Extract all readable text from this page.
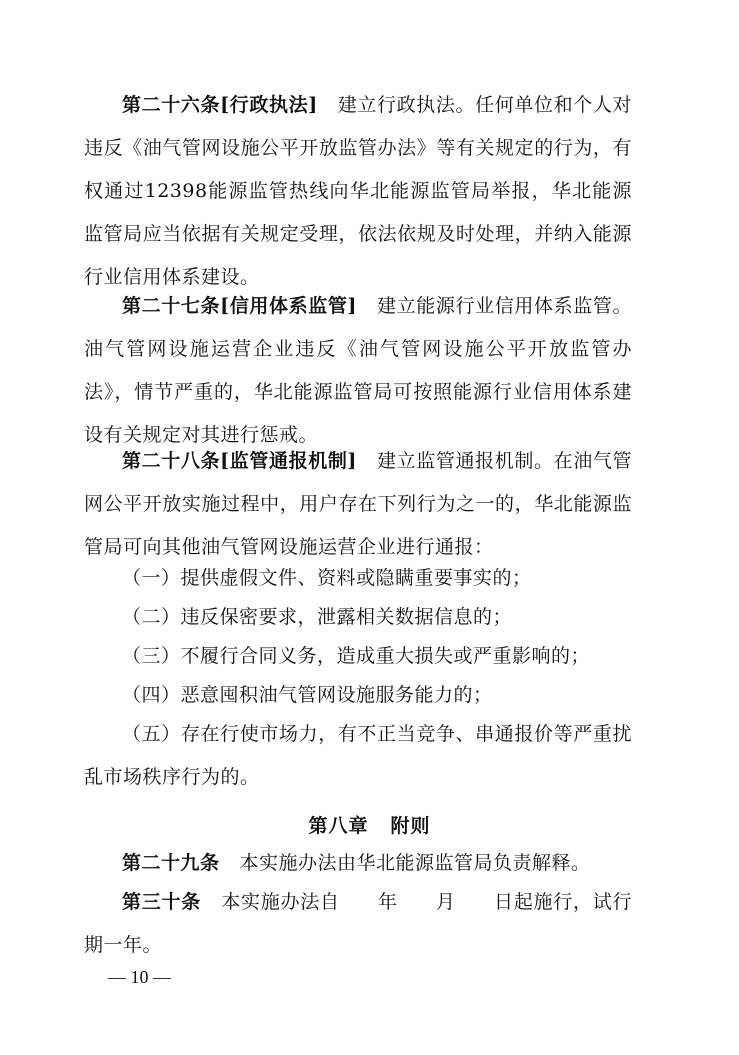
第二十六条[行政执法] 建立行政执法。任何单位和个人对违反《油气管网设施公平开放监管办法》等有关规定的行为，有权通过12398能源监管热线向华北能源监管局举报，华北能源监管局应当依据有关规定受理，依法依规及时处理，并纳入能源行业信用体系建设。

第二十七条[信用体系监管] 建立能源行业信用体系监管。油气管网设施运营企业违反《油气管网设施公平开放监管办法》，情节严重的，华北能源监管局可按照能源行业信用体系建设有关规定对其进行惩戒。

第二十八条[监管通报机制] 建立监管通报机制。在油气管网公平开放实施过程中，用户存在下列行为之一的，华北能源监管局可向其他油气管网设施运营企业进行通报：

（一）提供虚假文件、资料或隐瞒重要事实的；

（二）违反保密要求，泄露相关数据信息的；

（三）不履行合同义务，造成重大损失或严重影响的；

（四）恶意囤积油气管网设施服务能力的；

（五）存在行使市场力，有不正当竞争、串通报价等严重扰乱市场秩序行为的。

第八章 附则

第二十九条 本实施办法由华北能源监管局负责解释。

第三十条 本实施办法自 年 月 日起施行，试行期一年。

— 10 —
